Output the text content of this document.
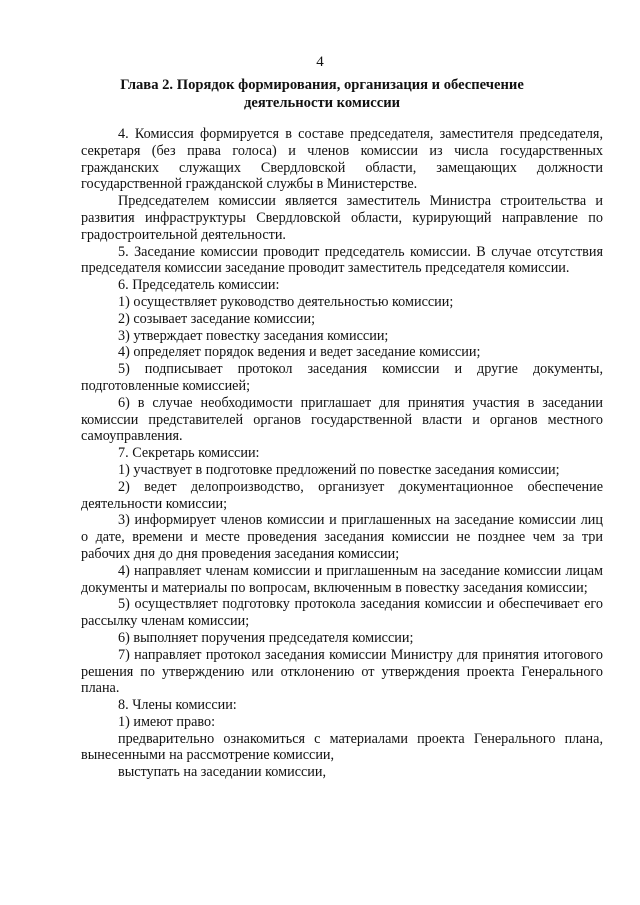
4
Глава 2. Порядок формирования, организация и обеспечение
деятельности комиссии

4. Комиссия формируется в составе председателя, заместителя председателя, секретаря (без права голоса) и членов комиссии из числа государственных гражданских служащих Свердловской области, замещающих должности государственной гражданской службы в Министерстве.

Председателем комиссии является заместитель Министра строительства и развития инфраструктуры Свердловской области, курирующий направление по градостроительной деятельности.

5. Заседание комиссии проводит председатель комиссии. В случае отсутствия председателя комиссии заседание проводит заместитель председателя комиссии.

6. Председатель комиссии:

1) осуществляет руководство деятельностью комиссии;

2) созывает заседание комиссии;

3) утверждает повестку заседания комиссии;

4) определяет порядок ведения и ведет заседание комиссии;

5) подписывает протокол заседания комиссии и другие документы, подготовленные комиссией;

6) в случае необходимости приглашает для принятия участия в заседании комиссии представителей органов государственной власти и органов местного самоуправления.

7. Секретарь комиссии:

1) участвует в подготовке предложений по повестке заседания комиссии;

2) ведет делопроизводство, организует документационное обеспечение деятельности комиссии;

3) информирует членов комиссии и приглашенных на заседание комиссии лиц о дате, времени и месте проведения заседания комиссии не позднее чем за три рабочих дня до дня проведения заседания комиссии;

4) направляет членам комиссии и приглашенным на заседание комиссии лицам документы и материалы по вопросам, включенным в повестку заседания комиссии;

5) осуществляет подготовку протокола заседания комиссии и обеспечивает его рассылку членам комиссии;

6) выполняет поручения председателя комиссии;

7) направляет протокол заседания комиссии Министру для принятия итогового решения по утверждению или отклонению от утверждения проекта Генерального плана.

8. Члены комиссии:

1) имеют право:

предварительно ознакомиться с материалами проекта Генерального плана, вынесенными на рассмотрение комиссии,

выступать на заседании комиссии,
